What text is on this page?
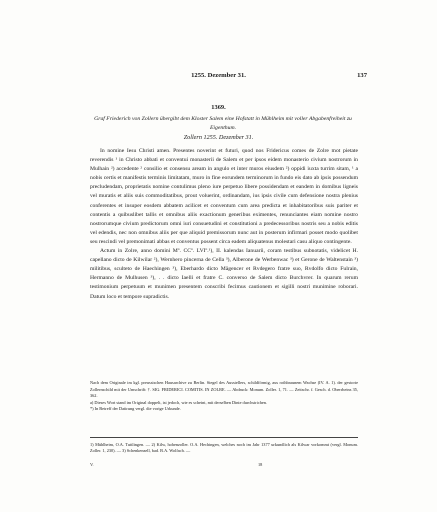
1255. Dezember 31.	137
1369.
Graf Friederich von Zollern übergibt dem Kloster Salem eine Hofstatt in Mühlheim mit voller Abgabenfreiheit zu Eigenthum.
Zollern 1255. Dezember 31.

In nomine Iesu Christi amen. Presentes noverint et futuri, quod nos Fridericus comes de Zolre mot pietate reverendis ¹ in Christo abbati et conventui monasterii de Salem et per ipsos eidem monasterio civium nostrorum in Mulhain ²) accedente ² consilio et consensu aream in angulo et inter muros eiusdem ²) oppidi iuxta turrim sitam, ¹ a nobis certis et manifestis terminis limitatam, muro in fine eorundem terminorum in fundo eis dato ab ipsis possendum precludendam, proprietatis nomine contulimus pleno iure perpetuo libere possidendam et eandem in domibus ligneis vel muratis et aliis suis commoditatibus, prout voluerint, ordinandam, ius ipsis civile cum defensione nostra plenius conferentes et insuper eosdem abbatem acilicet et conventum cum area predicta et inhabitatoribus suis pariter et contentis a quibuslibet tallis et omnibus aliis exactionum generibus eximentes, renunciantes eiam nomine nostro nostrorumque civium predictorum omni iuri consuetudini et constitutioni a predecessoribus nostris seu a nobis editis vel edendis, nec non omnibus aliis per que aliquid premissorum nunc aut in posterum infirmari posset modo quolibet seu rescindi vel premonimati abbas et conventus possent circa eadem aliquatenus molestari casu aliquo contingente.

Actum in Zolre, anno domini Mº. CCº. LVIº.¹), II. kalendas Ianuarii, coram testibus subnotatis, videlicet H. capellano dicto de Kilwilar ²), Wernhero pincerna de Cella ³), Alberone de Werbenwac ³) et Gerone de Waltenstain ³) militibus, sculteto de Haechingen ³), Eberhardo dicto Mägencer et Rvdegero fratre suo, Rvdolfo dicto Fulrain, Hermanno de Mulhusen ³), . . dicto Iaelli et fratre C. converso de Salem dicto Burchvrer. In quarum rerum testimonium perpetuum et munimen presentem conscribi fecimus cautionem et sigilli nostri munimine roborari. Datum loco et tempore supradictis.

Nach dem Originale im kgl. preussischen Hausarchive zu Berlin. Siegel des Ausstellers, schildförmig, aus rothbraunem Wachse (IV. A. 1). der gestorte Zollernschild mit der Umschrift: †. SIG. FRIDERICI. COMITIS. IN ZOLRE. — Abdruck: Monum. Zoller. 1, 71. — Zeitschr. f. Gesch. d. Oberrheins 35, 362.

a) Dieses Wort stand im Original doppelt, ist jedoch, wie es scheint, mit derselben Dinte durchstrichen.

*) In Betreff der Datirung vergl. die vorige Urkunde.

1) Mühlheim, O.A. Tuttlingen. — 2) Kilw, hohenzoller. O.A. Hechingen, welches noch im Jahr 1377 urkundlich als Kilwar vorkommt (vergl. Monum. Zoller. 1, 230). — 3) Schenkenzell, bad. B.A. Wolfach. —

V.	18
